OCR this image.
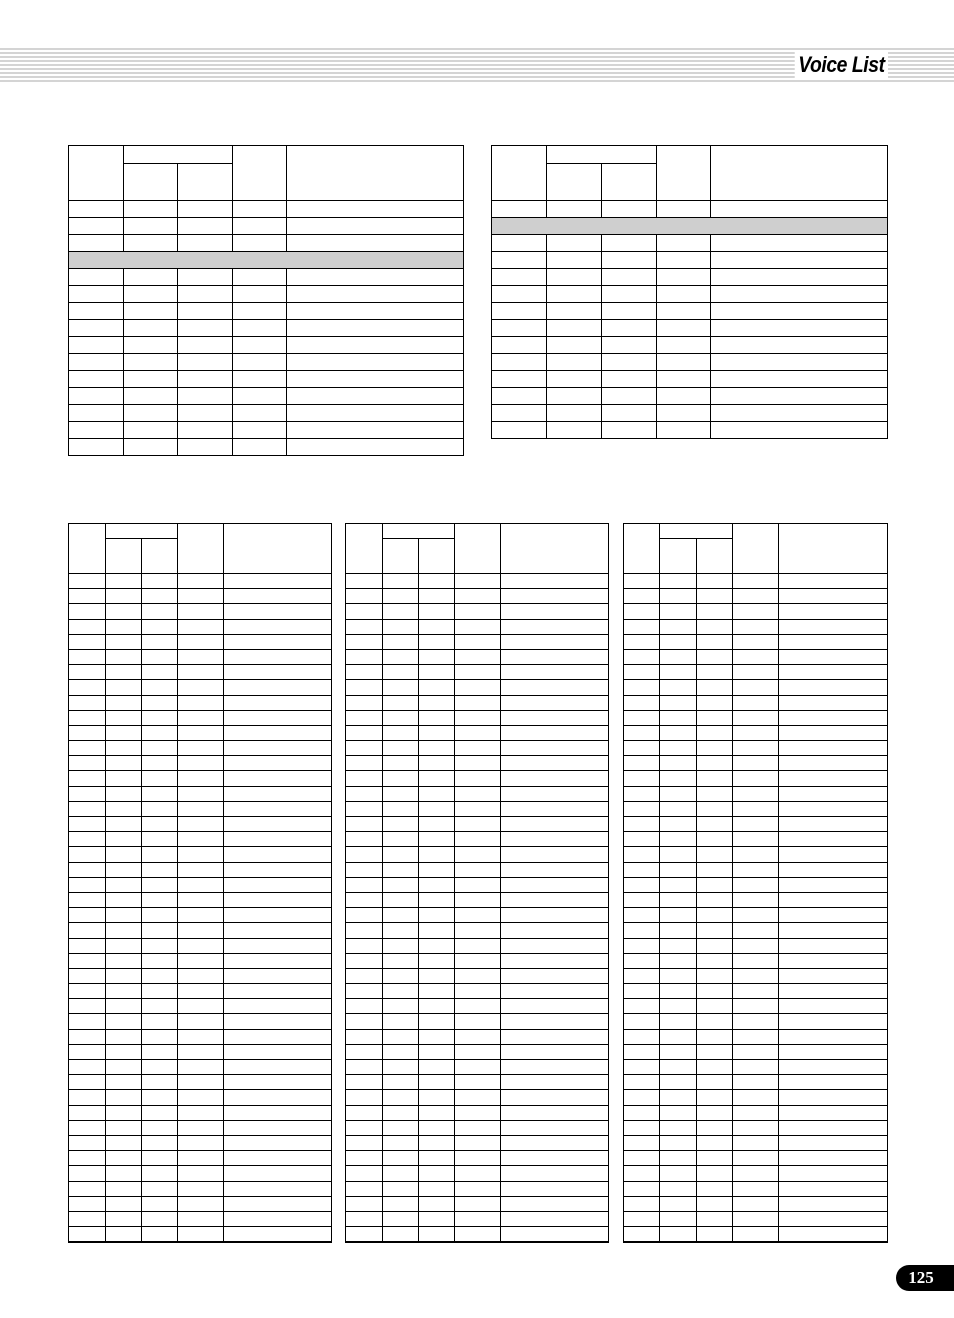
Voice List

125
